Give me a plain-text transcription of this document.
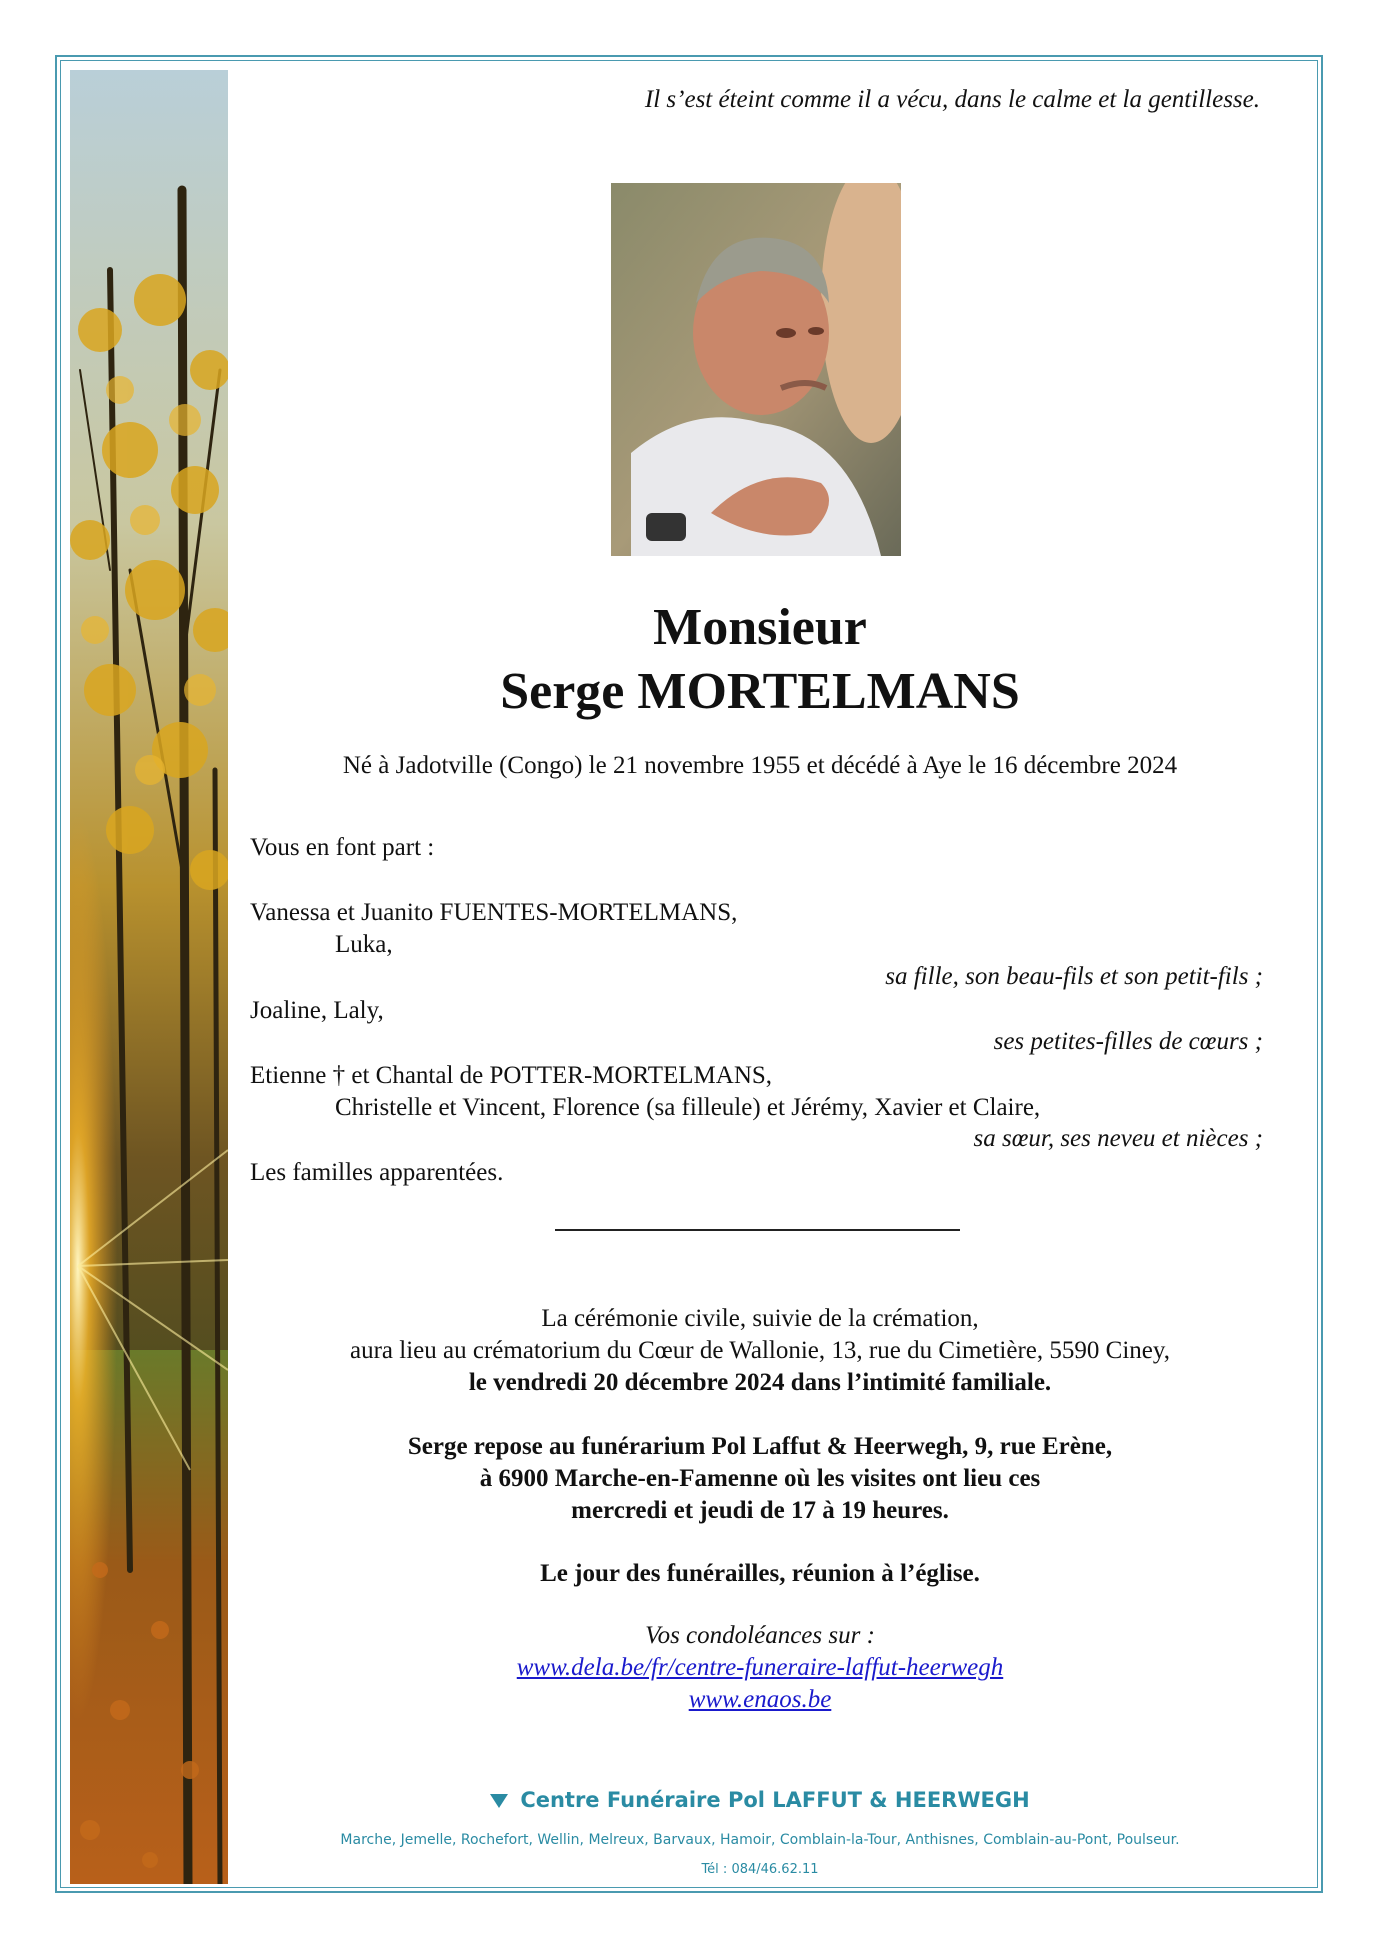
Il s’est éteint comme il a vécu, dans le calme et la gentillesse.
Monsieur
Serge MORTELMANS
Né à Jadotville (Congo) le 21 novembre 1955 et décédé à Aye le 16 décembre 2024
Vous en font part :
Vanessa et Juanito FUENTES-MORTELMANS,
Luka,
sa fille, son beau-fils et son petit-fils ;
Joaline, Laly,
ses petites-filles de cœurs ;
Etienne † et Chantal de POTTER-MORTELMANS,
Christelle et Vincent, Florence (sa filleule) et Jérémy, Xavier et Claire,
sa sœur, ses neveu et nièces ;
Les familles apparentées.
La cérémonie civile, suivie de la crémation,
aura lieu au crématorium du Cœur de Wallonie, 13, rue du Cimetière, 5590 Ciney,
le vendredi 20 décembre 2024 dans l’intimité familiale.
Serge repose au funérarium Pol Laffut & Heerwegh, 9, rue Erène,
à 6900 Marche-en-Famenne où les visites ont lieu ces
mercredi et jeudi de 17 à 19 heures.
Le jour des funérailles, réunion à l’église.
Vos condoléances sur :
www.dela.be/fr/centre-funeraire-laffut-heerwegh
www.enaos.be
Centre Funéraire Pol LAFFUT & HEERWEGH
Marche, Jemelle, Rochefort, Wellin, Melreux, Barvaux, Hamoir, Comblain-la-Tour, Anthisnes, Comblain-au-Pont, Poulseur.
Tél : 084/46.62.11
